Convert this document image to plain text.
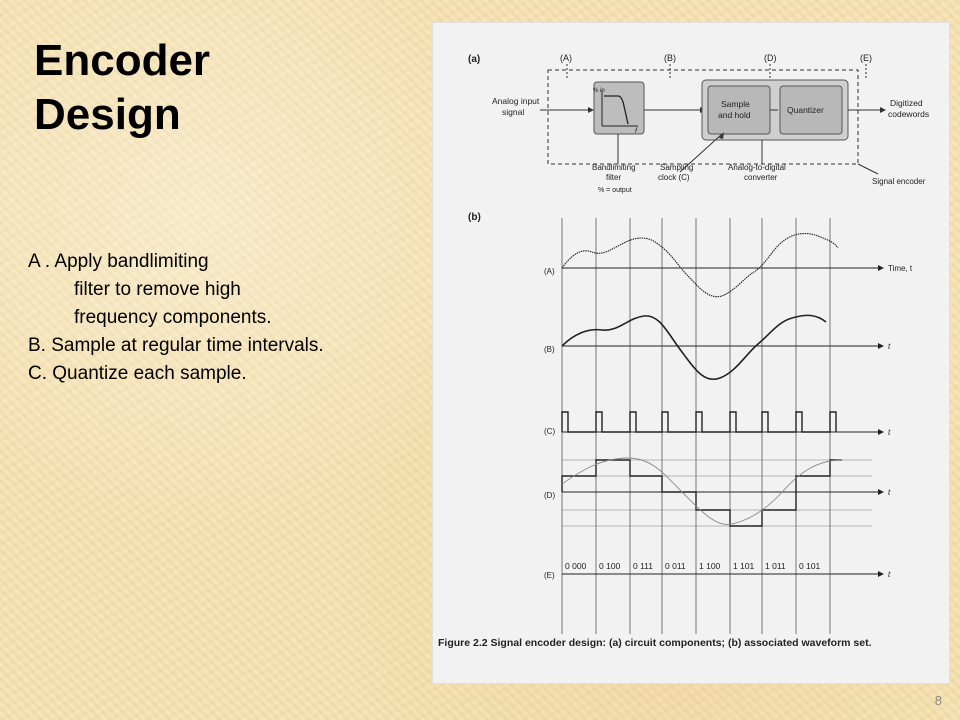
Encoder
Design
A . Apply bandlimiting
filter to remove high
frequency components.
B. Sample at regular time intervals.
C. Quantize each sample.
(a)	(A)	(B)	(D)	(E)
Analog input
signal
% in
f
% = output
Sample
and hold	Quantizer
Digitized
codewords
Bandlimiting
filter
Sampling
clock (C)
Analog-to-digital
converter	Signal encoder
(b)
(A)	Time, t
(B)	t
(C)	t
(D)	t
(E)	t
0 000 0 100 0 111 0 011 1 100 1 101 1 011 0 101
Figure 2.2 Signal encoder design: (a) circuit components; (b) associated waveform set.
8
